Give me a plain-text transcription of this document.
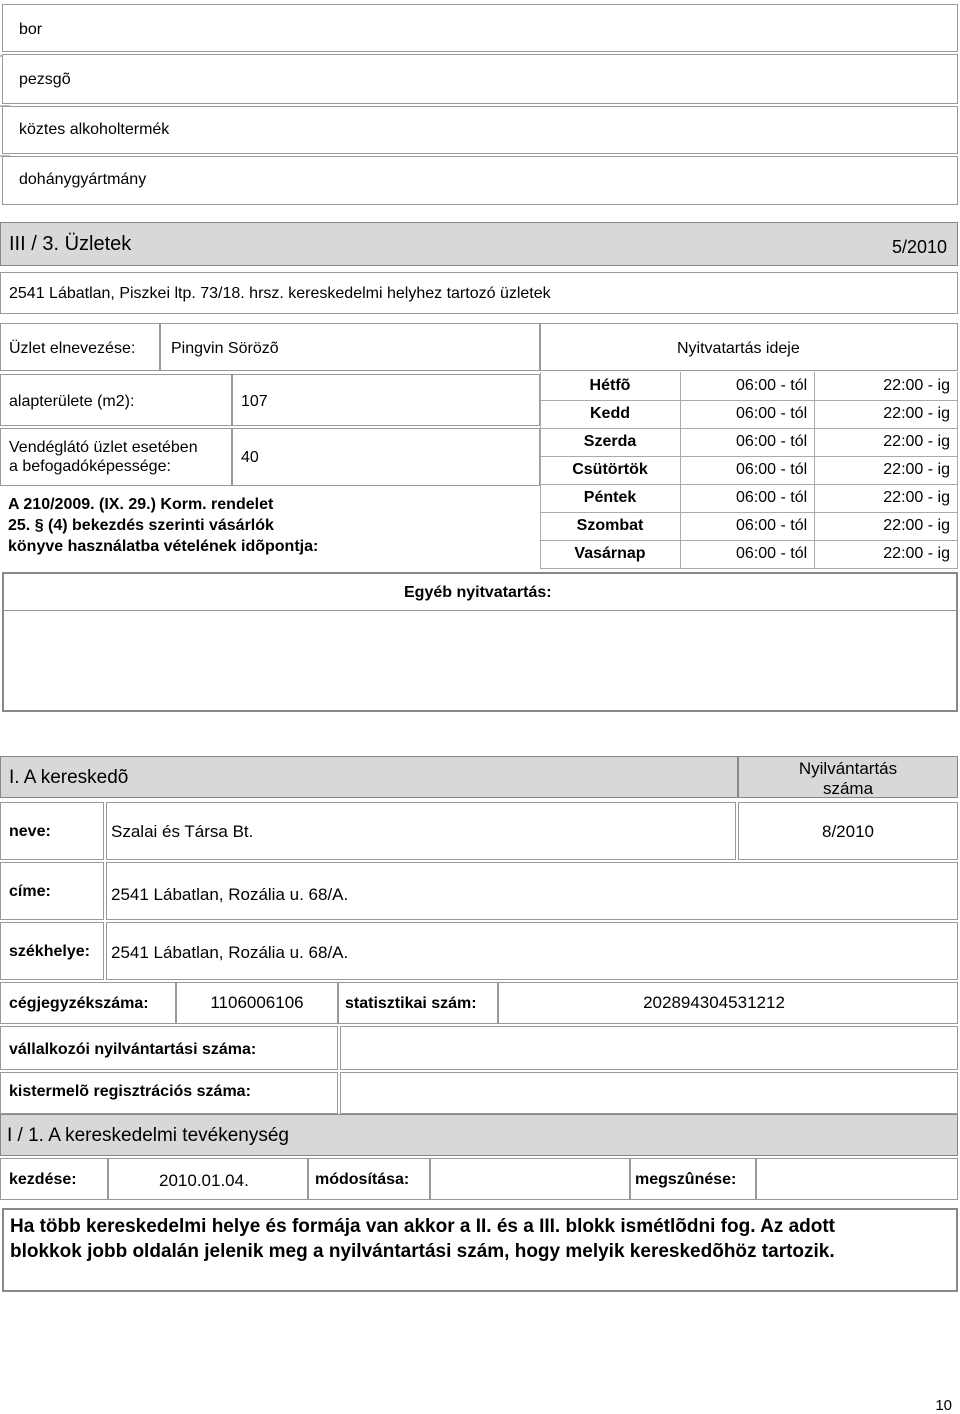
bor
pezsgõ
köztes alkoholtermék
dohánygyártmány
III / 3. Üzletek	5/2010
2541 Lábatlan, Piszkei ltp. 73/18. hrsz. kereskedelmi helyhez tartozó üzletek
Üzlet elnevezése: Pingvin Sörözõ	Nyitvatartás ideje
alapterülete (m2):	107
Vendéglátó üzlet esetében
a befogadóképessége:
40
A 210/2009. (IX. 29.) Korm. rendelet
25. § (4) bekezdés szerinti vásárlók
könyve használatba vételének idõpontja:
Hétfõ	06:00 - tól	22:00 - ig
Kedd	06:00 - tól	22:00 - ig
Szerda	06:00 - tól	22:00 - ig
Csütörtök	06:00 - tól	22:00 - ig
Péntek	06:00 - tól	22:00 - ig
Szombat	06:00 - tól	22:00 - ig
Vasárnap	06:00 - tól	22:00 - ig
Egyéb nyitvatartás:
I. A kereskedõ	Nyilvántartás
száma
neve:	Szalai és Társa Bt.	8/2010
címe:	2541 Lábatlan, Rozália u. 68/A.
székhelye: 2541 Lábatlan, Rozália u. 68/A.
cégjegyzékszáma:	1106006106	statisztikai szám:	202894304531212
vállalkozói nyilvántartási száma:
kistermelõ regisztrációs száma:
I / 1. A kereskedelmi tevékenység
kezdése:	2010.01.04.	módosítása:	megszûnése:
Ha több kereskedelmi helye és formája van akkor a II. és a III. blokk ismétlõdni fog. Az adott blokkok jobb oldalán jelenik meg a nyilvántartási szám, hogy melyik kereskedõhöz tartozik.
10
